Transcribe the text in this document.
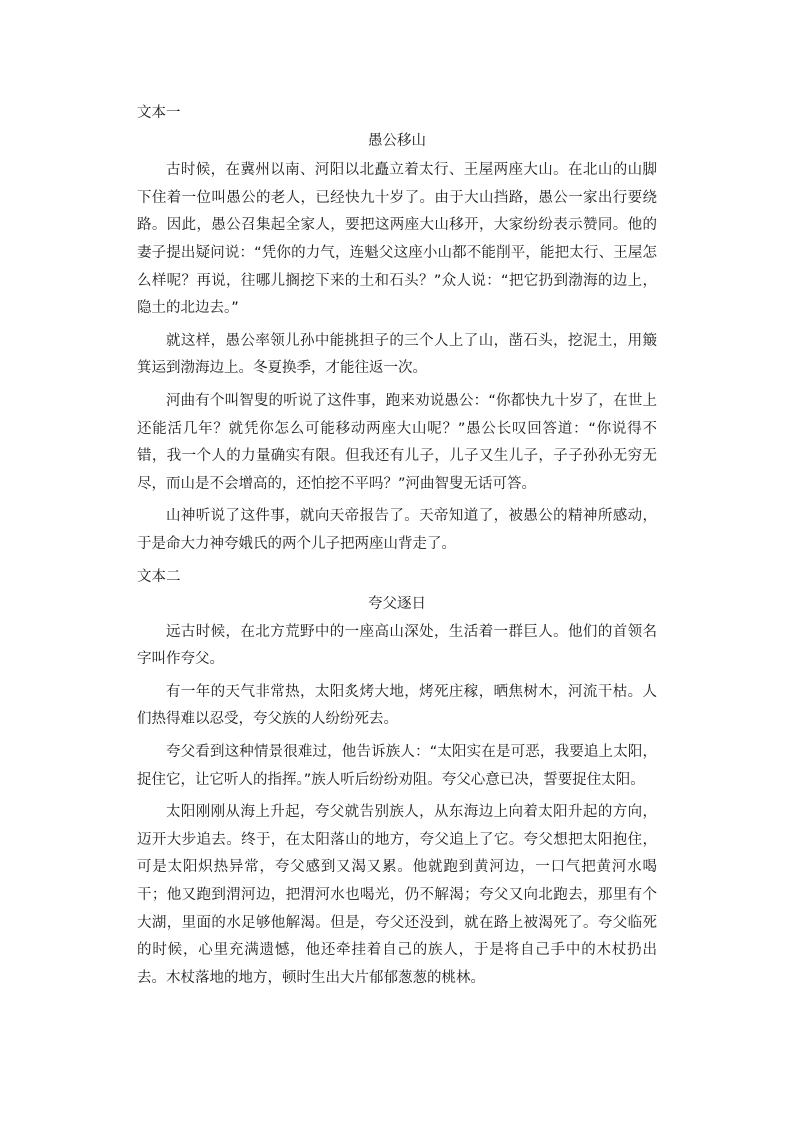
文本一

愚公移山

古时候，在冀州以南、河阳以北矗立着太行、王屋两座大山。在北山的山脚下住着一位叫愚公的老人，已经快九十岁了。由于大山挡路，愚公一家出行要绕路。因此，愚公召集起全家人，要把这两座大山移开，大家纷纷表示赞同。他的妻子提出疑问说：“凭你的力气，连魁父这座小山都不能削平，能把太行、王屋怎么样呢？再说，往哪儿搁挖下来的土和石头？”众人说：“把它扔到渤海的边上，隐土的北边去。”

就这样，愚公率领儿孙中能挑担子的三个人上了山，凿石头，挖泥土，用簸箕运到渤海边上。冬夏换季，才能往返一次。

河曲有个叫智叟的听说了这件事，跑来劝说愚公：“你都快九十岁了，在世上还能活几年？就凭你怎么可能移动两座大山呢？”愚公长叹回答道：“你说得不错，我一个人的力量确实有限。但我还有儿子，儿子又生儿子，子子孙孙无穷无尽，而山是不会增高的，还怕挖不平吗？”河曲智叟无话可答。

山神听说了这件事，就向天帝报告了。天帝知道了，被愚公的精神所感动，于是命大力神夸娥氏的两个儿子把两座山背走了。

文本二

夸父逐日

远古时候，在北方荒野中的一座高山深处，生活着一群巨人。他们的首领名字叫作夸父。

有一年的天气非常热，太阳炙烤大地，烤死庄稼，晒焦树木，河流干枯。人们热得难以忍受，夸父族的人纷纷死去。

夸父看到这种情景很难过，他告诉族人：“太阳实在是可恶，我要追上太阳，捉住它，让它听人的指挥。”族人听后纷纷劝阻。夸父心意已决，誓要捉住太阳。

太阳刚刚从海上升起，夸父就告别族人，从东海边上向着太阳升起的方向，迈开大步追去。终于，在太阳落山的地方，夸父追上了它。夸父想把太阳抱住，可是太阳炽热异常，夸父感到又渴又累。他就跑到黄河边，一口气把黄河水喝干；他又跑到渭河边，把渭河水也喝光，仍不解渴；夸父又向北跑去，那里有个大湖，里面的水足够他解渴。但是，夸父还没到，就在路上被渴死了。夸父临死的时候，心里充满遗憾，他还牵挂着自己的族人，于是将自己手中的木杖扔出去。木杖落地的地方，顿时生出大片郁郁葱葱的桃林。
